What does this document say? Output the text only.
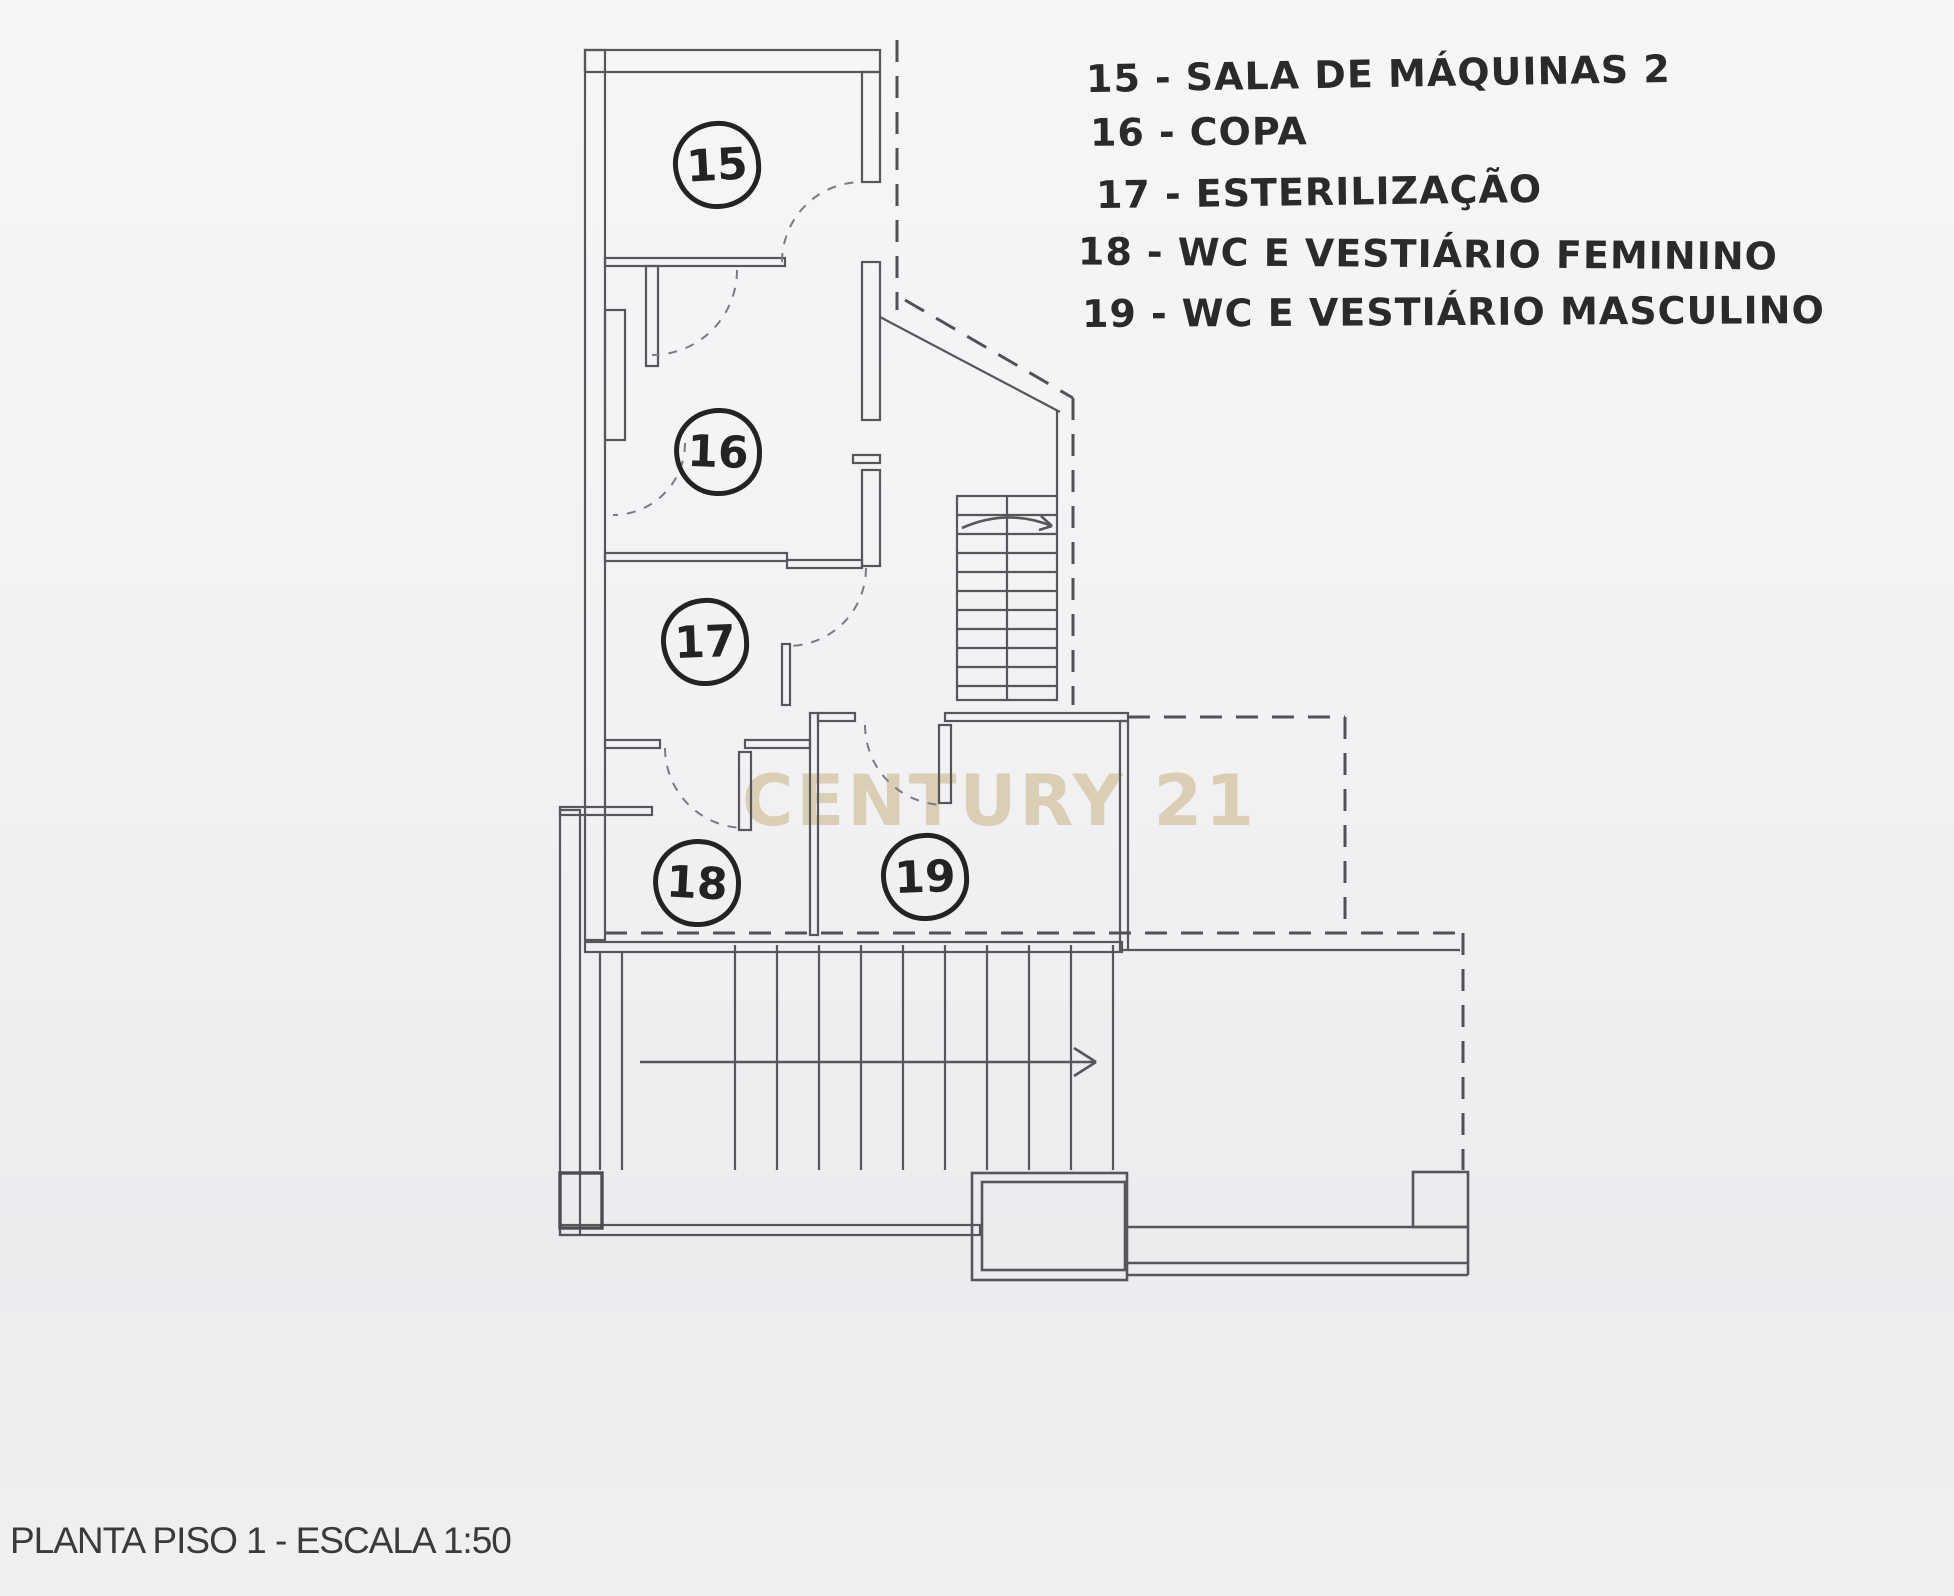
CENTURY 21
15
16
17
18	19
15 - SALA DE MÁQUINAS 2
16 - COPA
17 - ESTERILIZAÇÃO
18 - WC E VESTIÁRIO FEMININO
19 - WC E VESTIÁRIO MASCULINO
PLANTA PISO 1 - ESCALA 1:50
